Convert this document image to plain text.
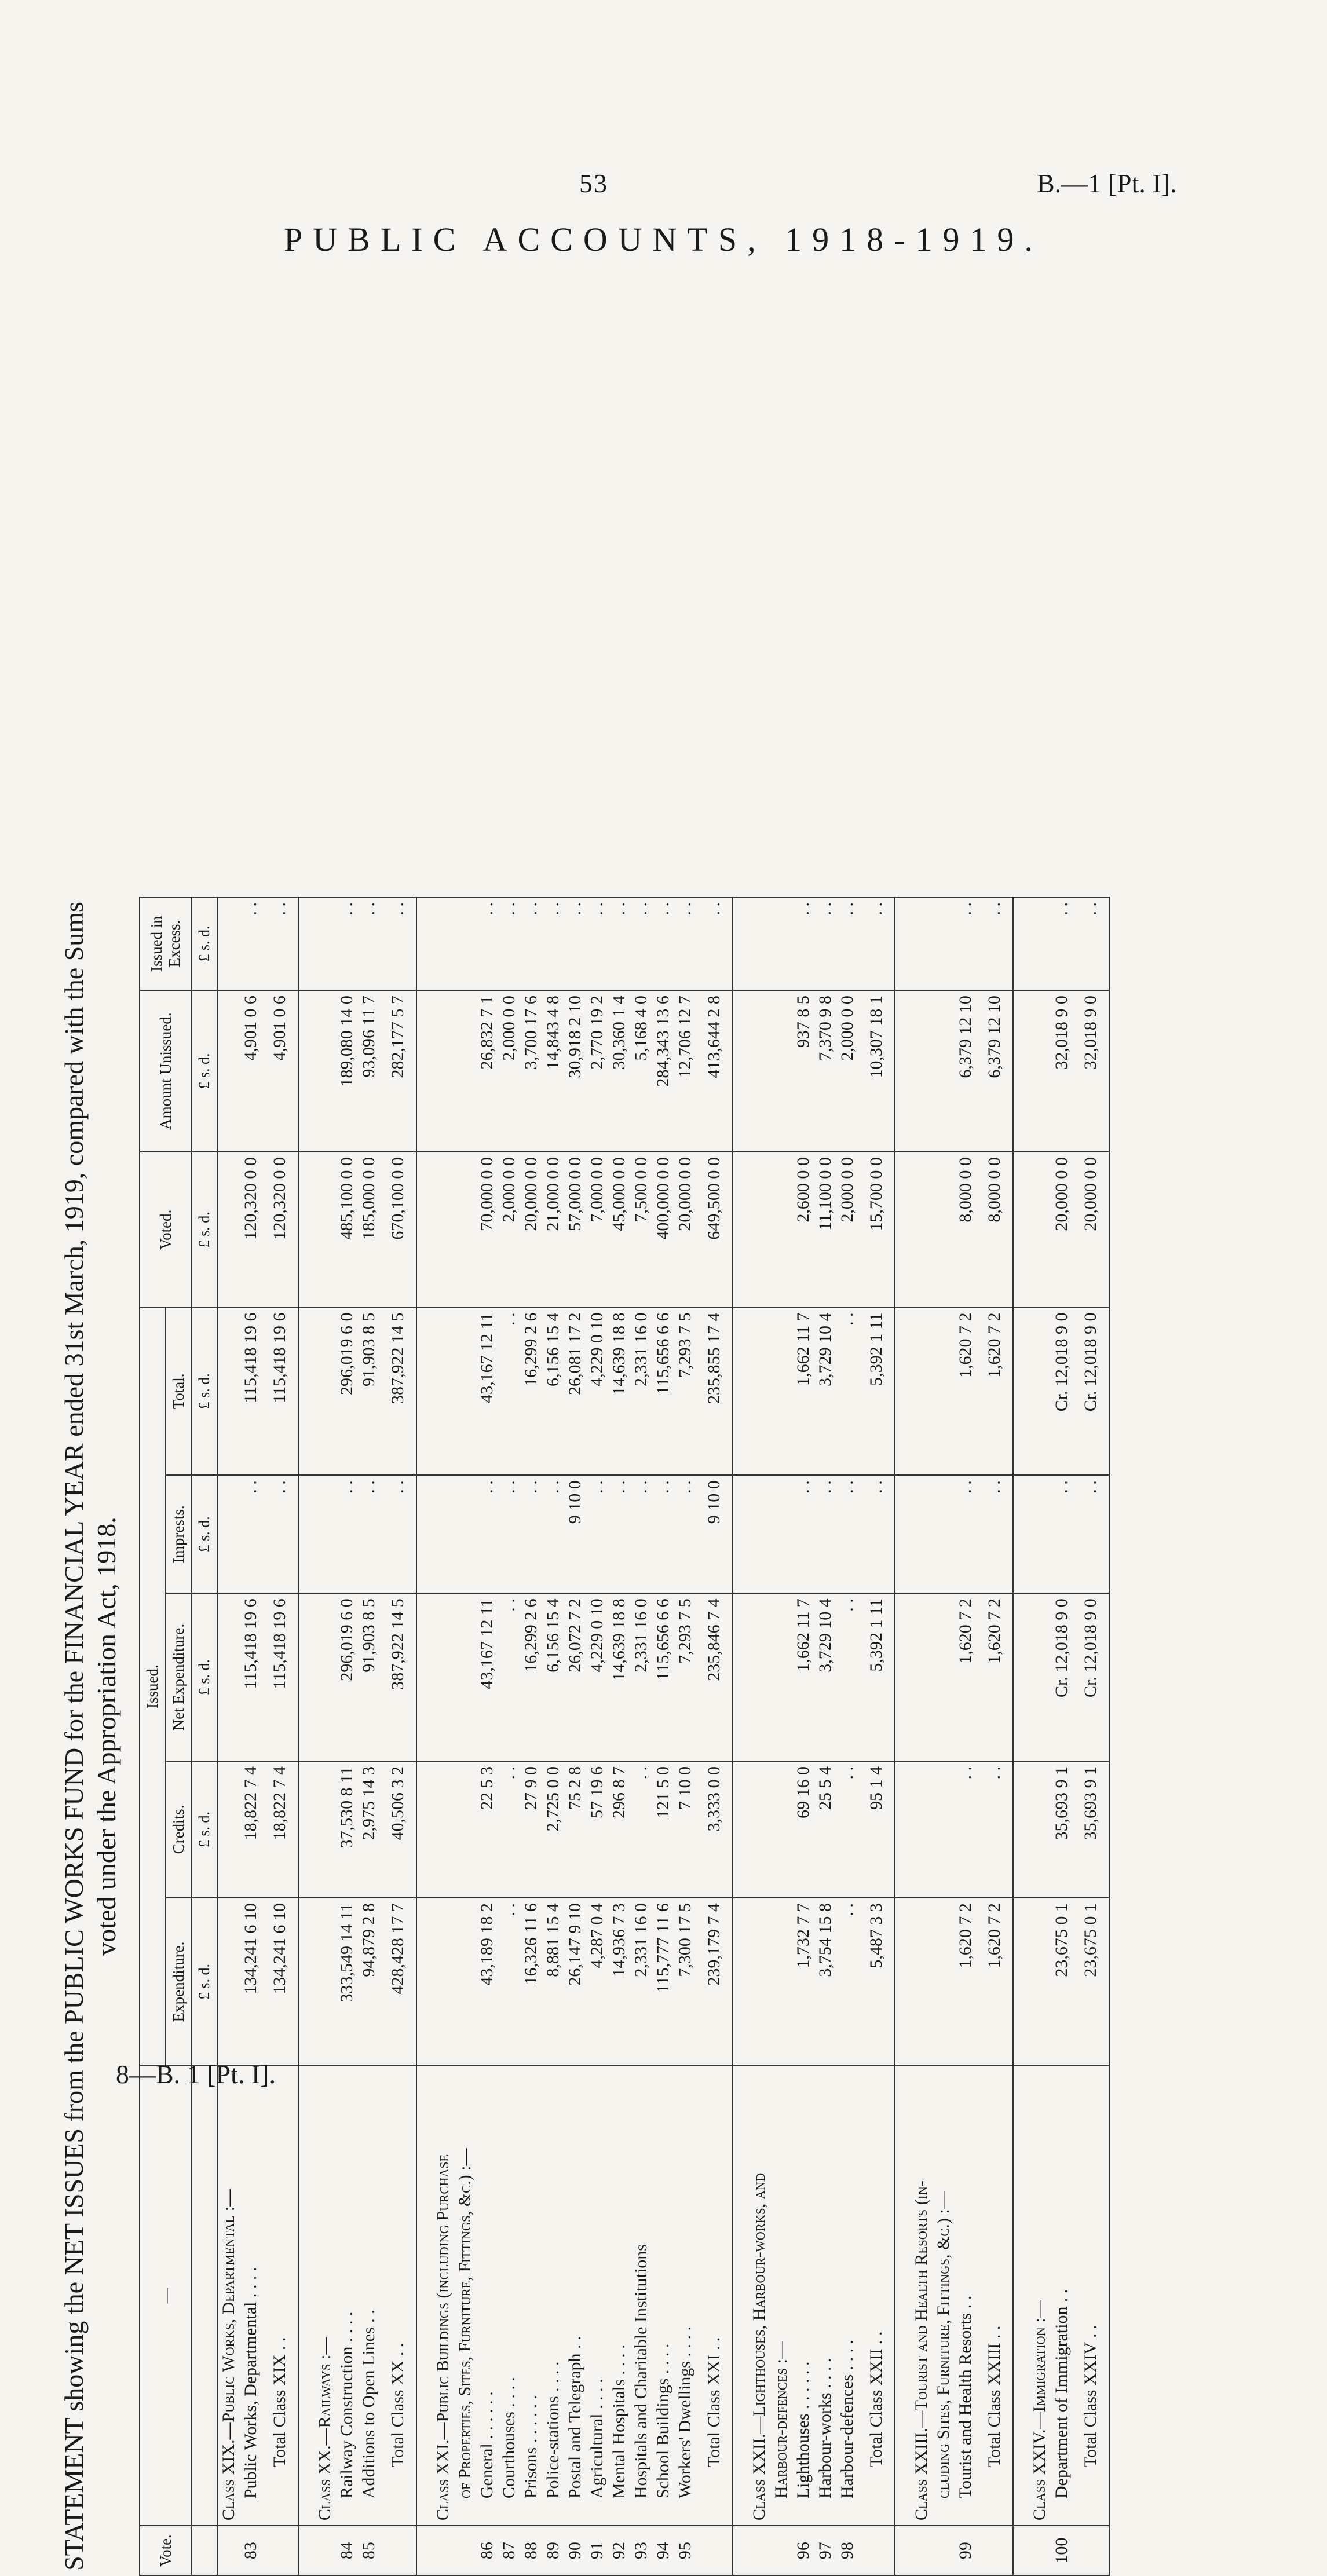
53	B.—1 [Pt. I].
PUBLIC ACCOUNTS, 1918-1919.
STATEMENT showing the NET ISSUES from the PUBLIC WORKS FUND for the FINANCIAL YEAR ended 31st March, 1919, compared with the Sums voted under the Appropriation Act, 1918.
Vote.	—	Issued.					Voted.	Amount Unissued.	Issued in Excess.
		Expenditure.	Credits.	Net Expenditure.	Imprests.	Total.			
		£ s. d.	£ s. d.	£ s. d.	£ s. d.	£ s. d.	£ s. d.	£ s. d.	£ s. d.
	Class XIX.—Public Works, Departmental :—								
83	Public Works, Departmental . . . .	134,241 6 10	18,822 7 4	115,418 19 6	. .	115,418 19 6	120,320 0 0	4,901 0 6	. .
	Total Class XIX . .	134,241 6 10	18,822 7 4	115,418 19 6	. .	115,418 19 6	120,320 0 0	4,901 0 6	. .

	Class XX.—Railways :—								
84	Railway Construction . . . .	333,549 14 11	37,530 8 11	296,019 6 0	. .	296,019 6 0	485,100 0 0	189,080 14 0	. .
85	Additions to Open Lines . .	94,879 2 8	2,975 14 3	91,903 8 5	. .	91,903 8 5	185,000 0 0	93,096 11 7	. .
	Total Class XX . .	428,428 17 7	40,506 3 2	387,922 14 5	. .	387,922 14 5	670,100 0 0	282,177 5 7	. .

	Class XXI.—Public Buildings (including Purchase								
	of Properties, Sites, Furniture, Fittings, &c.) :—								
86	General . . . . . .	43,189 18 2	22 5 3	43,167 12 11	. .	43,167 12 11	70,000 0 0	26,832 7 1	. .
87	Courthouses . . . .	. .	. .	. .	. .	. .	2,000 0 0	2,000 0 0	. .
88	Prisons . . . . . .	16,326 11 6	27 9 0	16,299 2 6	. .	16,299 2 6	20,000 0 0	3,700 17 6	. .
89	Police-stations . . . .	8,881 15 4	2,725 0 0	6,156 15 4	. .	6,156 15 4	21,000 0 0	14,843 4 8	. .
90	Postal and Telegraph . .	26,147 9 10	75 2 8	26,072 7 2	9 10 0	26,081 17 2	57,000 0 0	30,918 2 10	. .
91	Agricultural . . . .	4,287 0 4	57 19 6	4,229 0 10	. .	4,229 0 10	7,000 0 0	2,770 19 2	. .
92	Mental Hospitals . . . .	14,936 7 3	296 8 7	14,639 18 8	. .	14,639 18 8	45,000 0 0	30,360 1 4	. .
93	Hospitals and Charitable Institutions	2,331 16 0	. .	2,331 16 0	. .	2,331 16 0	7,500 0 0	5,168 4 0	. .
94	School Buildings . . . .	115,777 11 6	121 5 0	115,656 6 6	. .	115,656 6 6	400,000 0 0	284,343 13 6	. .
95	Workers' Dwellings . . . .	7,300 17 5	7 10 0	7,293 7 5	. .	7,293 7 5	20,000 0 0	12,706 12 7	. .
	Total Class XXI . .	239,179 7 4	3,333 0 0	235,846 7 4	9 10 0	235,855 17 4	649,500 0 0	413,644 2 8	. .

	Class XXII.—Lighthouses, Harbour-works, and								
	Harbour-defences :—								
96	Lighthouses . . . . . .	1,732 7 7	69 16 0	1,662 11 7	. .	1,662 11 7	2,600 0 0	937 8 5	. .
97	Harbour-works . . . .	3,754 15 8	25 5 4	3,729 10 4	. .	3,729 10 4	11,100 0 0	7,370 9 8	. .
98	Harbour-defences . . . .	. .	. .	. .	. .	. .	2,000 0 0	2,000 0 0	. .
	Total Class XXII . .	5,487 3 3	95 1 4	5,392 1 11	. .	5,392 1 11	15,700 0 0	10,307 18 1	. .

	Class XXIII.—Tourist and Health Resorts (in-								
	cluding Sites, Furniture, Fittings, &c.) :—								
99	Tourist and Health Resorts . .	1,620 7 2	. .	1,620 7 2	. .	1,620 7 2	8,000 0 0	6,379 12 10	. .
	Total Class XXIII . .	1,620 7 2	. .	1,620 7 2	. .	1,620 7 2	8,000 0 0	6,379 12 10	. .

	Class XXIV.—Immigration :—								
100	Department of Immigration . .	23,675 0 1	35,693 9 1	Cr. 12,018 9 0	. .	Cr. 12,018 9 0	20,000 0 0	32,018 9 0	. .
	Total Class XXIV . .	23,675 0 1	35,693 9 1	Cr. 12,018 9 0	. .	Cr. 12,018 9 0	20,000 0 0	32,018 9 0	. .
8—B. 1 [Pt. I].
